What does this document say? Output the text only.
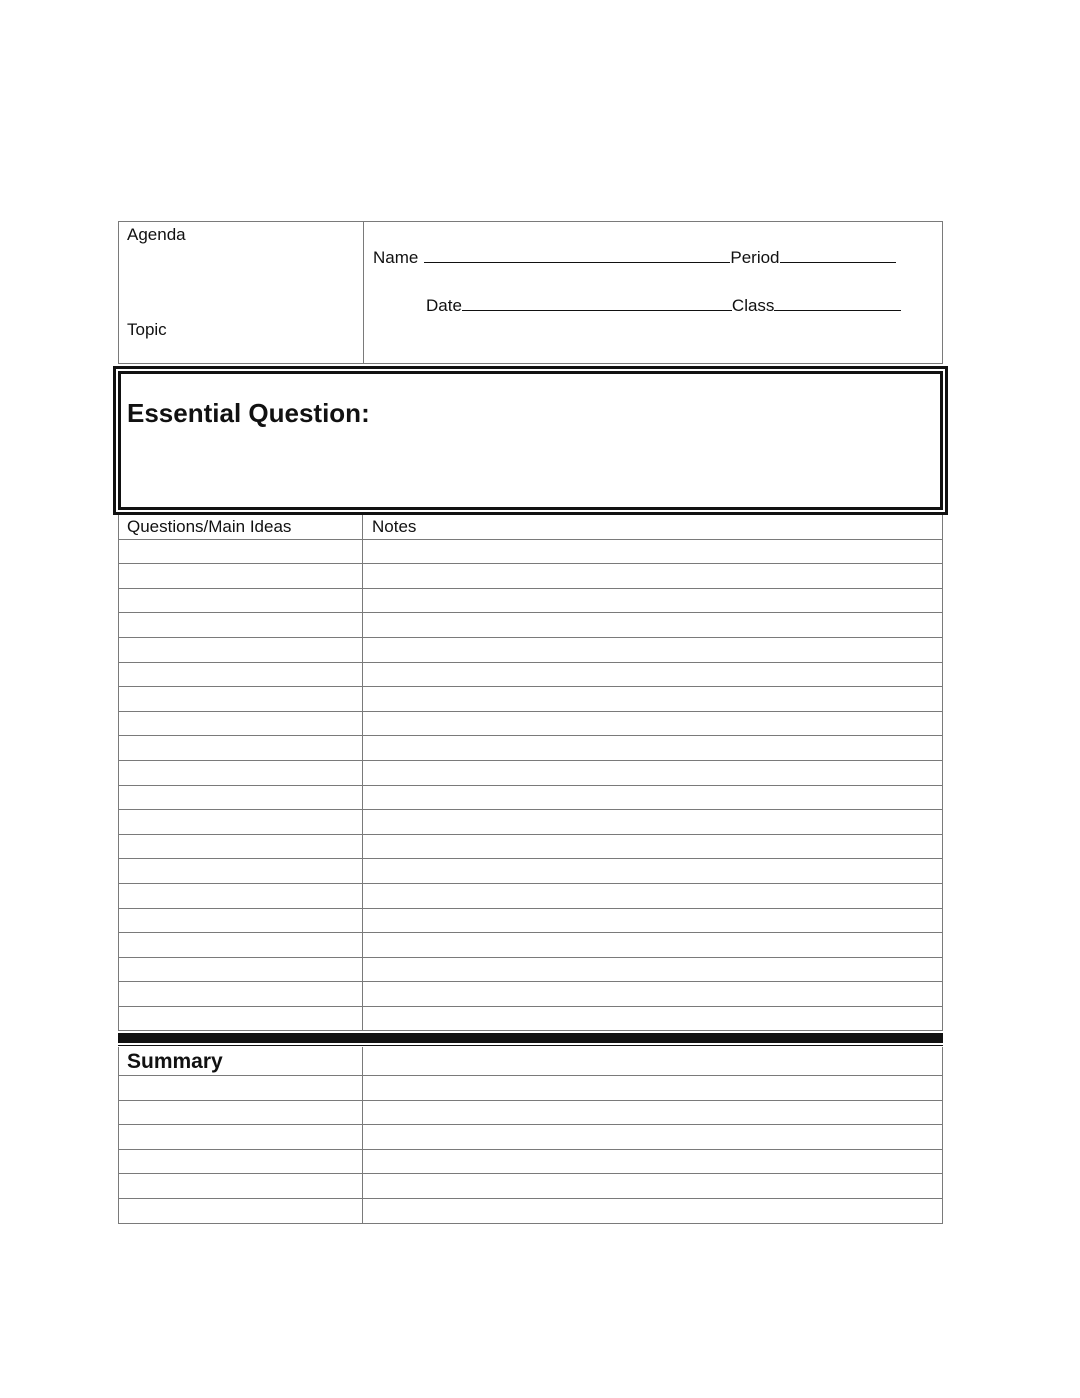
Agenda
Topic
Name	Period
Date	Class
Essential Question:
Questions/Main Ideas	Notes
Summary
